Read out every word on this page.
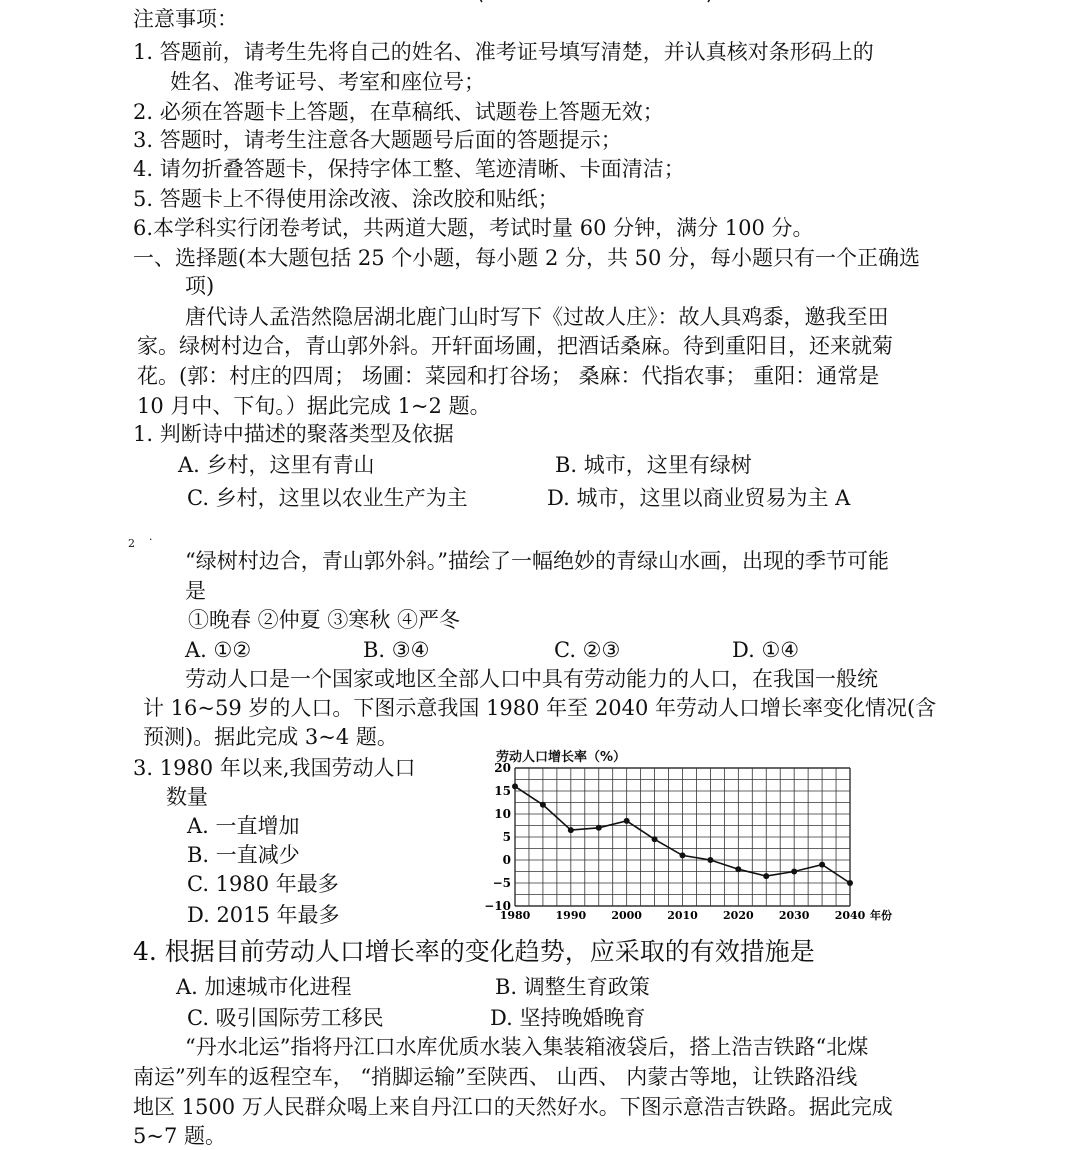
注意事项：
1. 答题前，请考生先将自己的姓名、准考证号填写清楚，并认真核对条形码上的
姓名、准考证号、考室和座位号；
2. 必须在答题卡上答题，在草稿纸、试题卷上答题无效；
3. 答题时，请考生注意各大题题号后面的答题提示；
4. 请勿折叠答题卡，保持字体工整、笔迹清晰、卡面清洁；
5. 答题卡上不得使用涂改液、涂改胶和贴纸；
6.本学科实行闭卷考试，共两道大题，考试时量 60 分钟，满分 100 分。
一、选择题(本大题包括 25 个小题，每小题 2 分，共 50 分，每小题只有一个正确选
项)
唐代诗人孟浩然隐居湖北鹿门山时写下《过故人庄》：故人具鸡黍，邀我至田
家。绿树村边合，青山郭外斜。开轩面场圃，把酒话桑麻。待到重阳目，还来就菊
花。(郭：村庄的四周； 场圃：菜园和打谷场； 桑麻：代指农事； 重阳：通常是
10 月中、下旬。）据此完成 1~2 题。
1. 判断诗中描述的聚落类型及依据
A. 乡村，这里有青山	B. 城市，这里有绿树
C. 乡村，这里以农业生产为主	D. 城市，这里以商业贸易为主 A
2 ·
“绿树村边合，青山郭外斜。”描绘了一幅绝妙的青绿山水画，出现的季节可能
是
①晚春 ②仲夏 ③寒秋 ④严冬
A. ①②	B. ③④	C. ②③	D. ①④
劳动人口是一个国家或地区全部人口中具有劳动能力的人口，在我国一般统
计 16~59 岁的人口。下图示意我国 1980 年至 2040 年劳动人口增长率变化情况(含
预测)。据此完成 3~4 题。
3. 1980 年以来,我国劳动人口
数量
A. 一直增加
B. 一直减少
C. 1980 年最多
D. 2015 年最多
劳动人口增长率（%）
20
15
10
5
0
−5
−10
1980 1990 2000 2010 2020 2030 2040 年份
4. 根据目前劳动人口增长率的变化趋势，应采取的有效措施是
A. 加速城市化进程	B. 调整生育政策
C. 吸引国际劳工移民	D. 坚持晚婚晚育
“丹水北运”指将丹江口水库优质水装入集装箱液袋后，搭上浩吉铁路“北煤
南运”列车的返程空车， “捎脚运输”至陕西、 山西、 内蒙古等地，让铁路沿线
地区 1500 万人民群众喝上来自丹江口的天然好水。下图示意浩吉铁路。据此完成
5~7 题。
